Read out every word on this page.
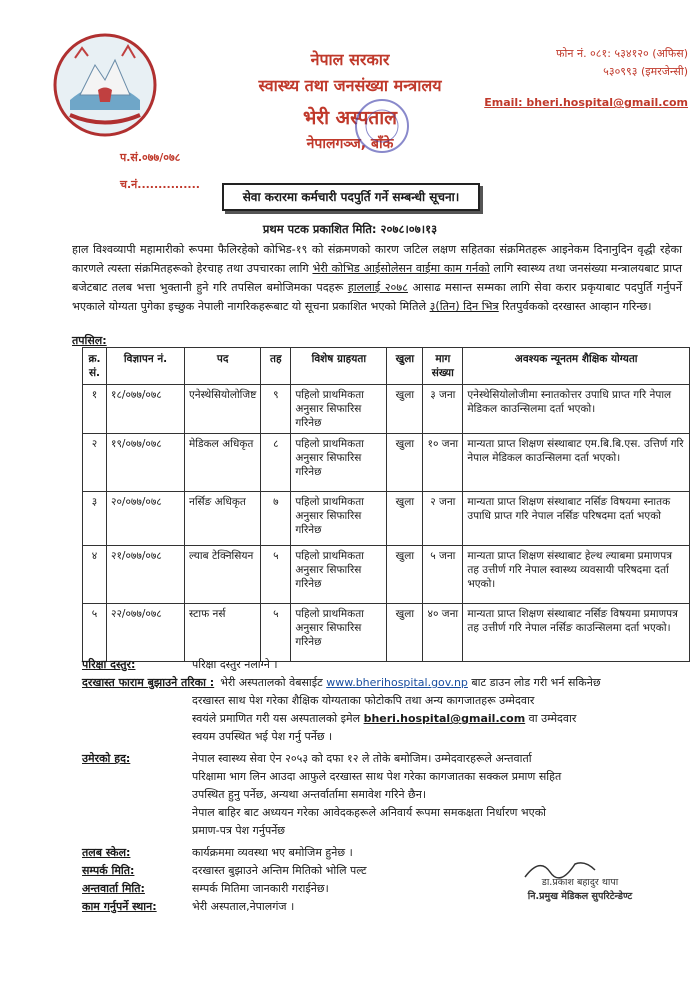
नेपाल सरकार
स्वास्थ्य तथा जनसंख्या मन्त्रालय
भेरी अस्पताल
नेपालगञ्ज, बाँके
फोन नं. ०८१: ५३४१२० (अफिस)
५३०९९३ (इमरजेन्सी)
Email: bheri.hospital@gmail.com
प.सं.०७७/०७८
च.नं...............
सेवा करारमा कर्मचारी पदपुर्ति गर्ने सम्बन्धी सूचना।
प्रथम पटक प्रकाशित मिति: २०७८।०७।१३
हाल विश्वव्यापी महामारीको रूपमा फैलिरहेको कोभिड-१९ को संक्रमणको कारण जटिल लक्षण सहितका संक्रमितहरू आइनेकम दिनानुदिन वृद्धी रहेका कारणले त्यस्ता संक्रमितहरूको हेरचाह तथा उपचारका लागि भेरी कोभिड आईसोलेसन वाईमा काम गर्नको लागि स्वास्थ्य तथा जनसंख्या मन्त्रालयबाट प्राप्त बजेटबाट तलब भत्ता भुक्तानी हुने गरि तपसिल बमोजिमका पदहरू हाललाई २०७८ आसाढ मसान्त सम्मका लागि सेवा करार प्रकृयाबाट पदपुर्ति गर्नुपर्ने भएकाले योग्यता पुगेका इच्छुक नेपाली नागरिकहरूबाट यो सूचना प्रकाशित भएको मितिले ३(तिन) दिन भित्र रितपुर्वकको दरखास्त आव्हान गरिन्छ।
तपसिल:
क्र. सं.	विज्ञापन नं.	पद	तह	विशेष ग्राहयता	खुला	माग संख्या	अवश्यक न्यूनतम शैक्षिक योग्यता
१	१८/०७७/०७८	एनेस्थेसियोलोजिष्ट	९	पहिलो प्राथमिकता अनुसार सिफारिस गरिनेछ	खुला	३ जना	एनेस्थेसियोलोजीमा स्नातकोत्तर उपाधि प्राप्त गरि नेपाल मेडिकल काउन्सिलमा दर्ता भएको।
२	१९/०७७/०७८	मेडिकल अधिकृत	८	पहिलो प्राथमिकता अनुसार सिफारिस गरिनेछ	खुला	१० जना	मान्यता प्राप्त शिक्षण संस्थाबाट एम.बि.बि.एस. उत्तिर्ण गरि नेपाल मेडिकल काउन्सिलमा दर्ता भएको।
३	२०/०७७/०७८	नर्सिङ अधिकृत	७	पहिलो प्राथमिकता अनुसार सिफारिस गरिनेछ	खुला	२ जना	मान्यता प्राप्त शिक्षण संस्थाबाट नर्सिङ विषयमा स्नातक उपाधि प्राप्त गरि नेपाल नर्सिङ परिषदमा दर्ता भएको
४	२१/०७७/०७८	ल्याब टेक्निसियन	५	पहिलो प्राथमिकता अनुसार सिफारिस गरिनेछ	खुला	५ जना	मान्यता प्राप्त शिक्षण संस्थाबाट हेल्थ ल्याबमा प्रमाणपत्र तह उत्तीर्ण गरि नेपाल स्वास्थ्य व्यवसायी परिषदमा दर्ता भएको।
५	२२/०७७/०७८	स्टाफ नर्स	५	पहिलो प्राथमिकता अनुसार सिफारिस गरिनेछ	खुला	४० जना	मान्यता प्राप्त शिक्षण संस्थाबाट नर्सिङ विषयमा प्रमाणपत्र तह उत्तीर्ण गरि नेपाल नर्सिङ काउन्सिलमा दर्ता भएको।
परिक्षा दस्तुर:	परिक्षा दस्तुर नलाग्ने ।
दरखास्त फाराम बुझाउने तरिका : भेरी अस्पतालको वेबसाईट www.bherihospital.gov.np बाट डाउन लोड गरी भर्न सकिनेछ
दरखास्त साथ पेश गरेका शैक्षिक योग्यताका फोटोकपि तथा अन्य कागजातहरू उम्मेदवार
स्वयंले प्रमाणित गरी यस अस्पतालको इमेल bheri.hospital@gmail.com वा उम्मेदवार
स्वयम उपस्थित भई पेश गर्नु पर्नेछ ।
उमेरको हद:	नेपाल स्वास्थ्य सेवा ऐन २०५३ को दफा १२ ले तोके बमोजिम। उम्मेदवारहरूले अन्तवार्ता
परिक्षामा भाग लिन आउदा आफुले दरखास्त साथ पेश गरेका कागजातका सक्कल प्रमाण सहित
उपस्थित हुनु पर्नेछ, अन्यथा अन्तर्वार्तामा समावेश गरिने छैन।
नेपाल बाहिर बाट अध्ययन गरेका आवेदकहरूले अनिवार्य रूपमा समकक्षता निर्धारण भएको
प्रमाण-पत्र पेश गर्नुपर्नेछ
तलब स्केल:	कार्यक्रममा व्यवस्था भए बमोजिम हुनेछ ।
सम्पर्क मिति:	दरखास्त बुझाउने अन्तिम मितिको भोलि पल्ट
अन्तवार्ता मिति:	सम्पर्क मितिमा जानकारी गराईनेछ।
काम गर्नुपर्ने स्थान:	भेरी अस्पताल,नेपालगंज ।
डा.प्रकाश बहादुर थापा
नि.प्रमुख मेडिकल सुपरिटेन्डेण्ट
